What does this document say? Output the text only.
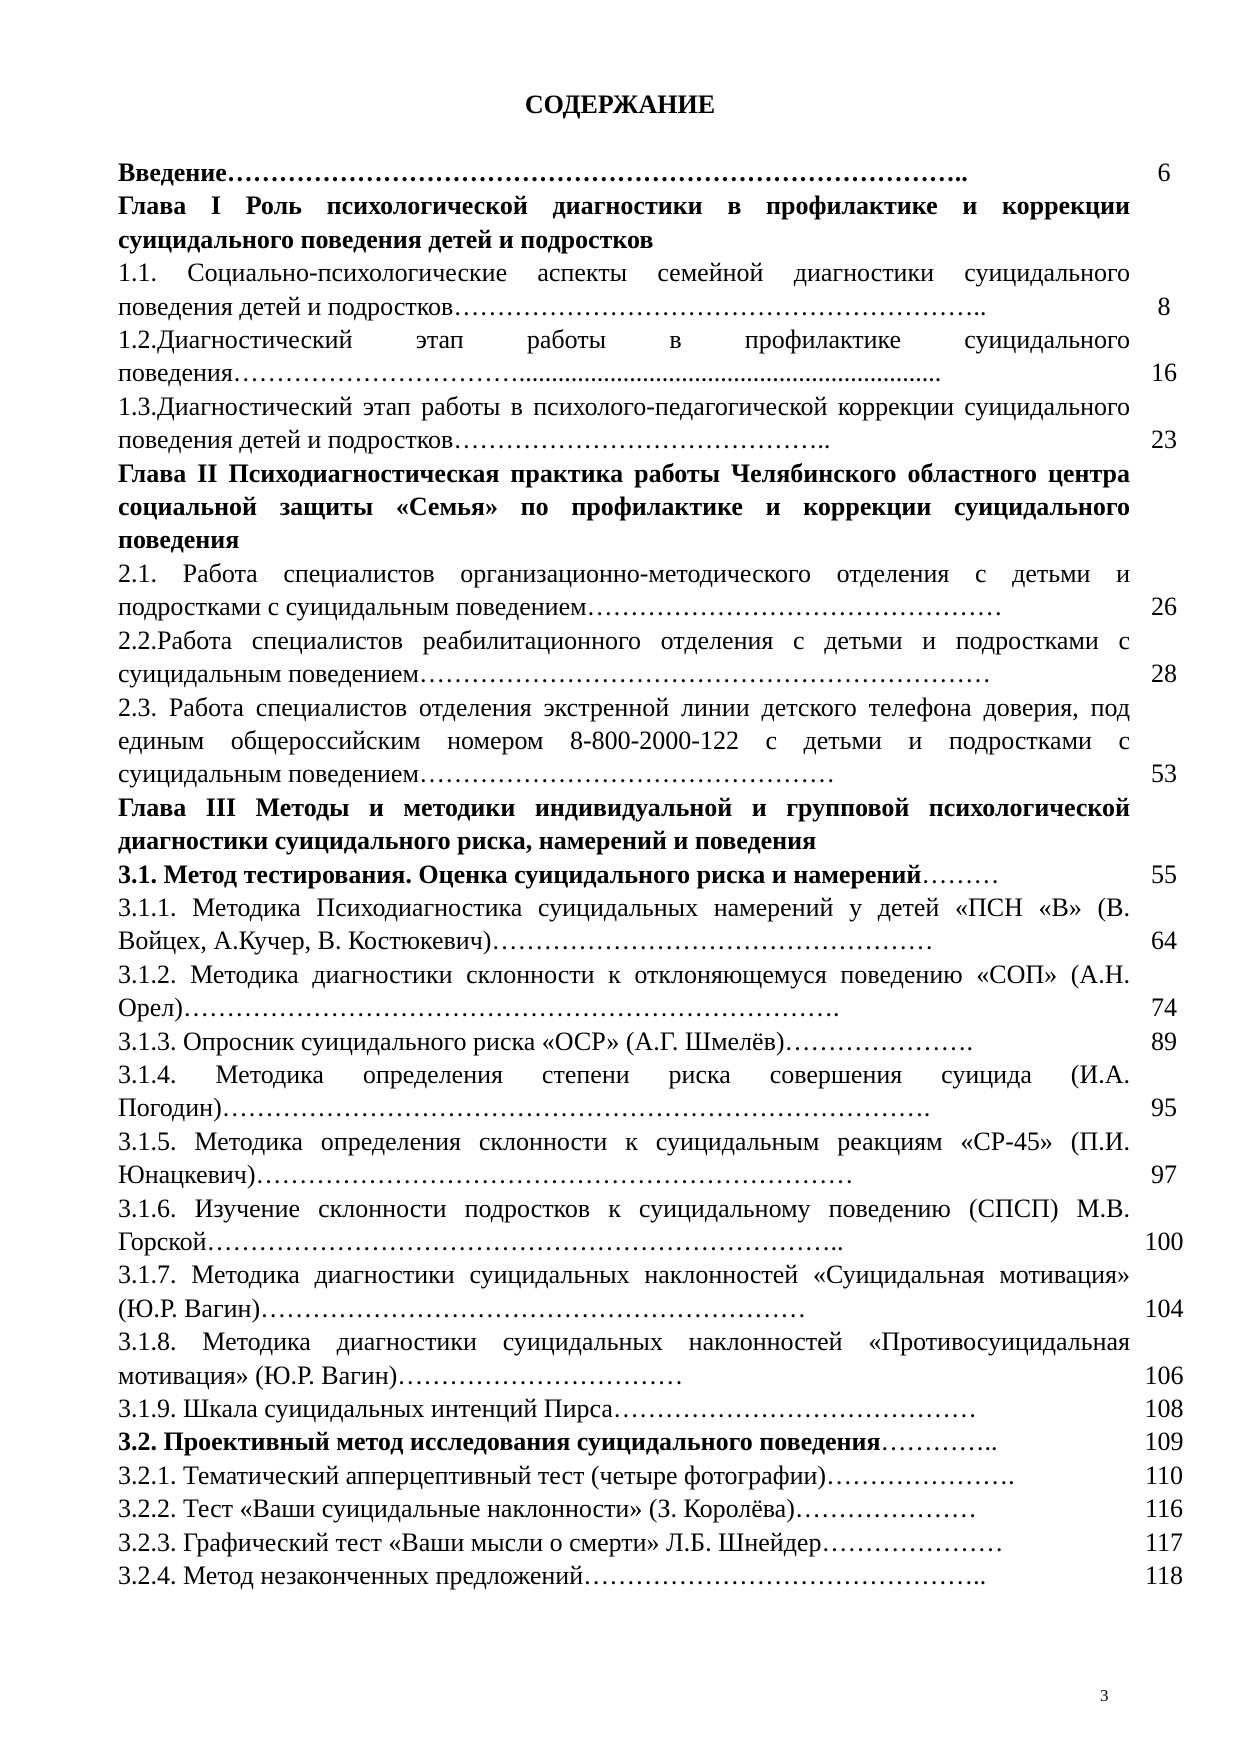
СОДЕРЖАНИЕ
Введение…………………………………………………………………………..	6
Глава I Роль психологической диагностики в профилактике и коррекции суицидального поведения детей и подростков
1.1. Социально-психологические аспекты семейной диагностики суицидального поведения детей и подростков……………………………………………………..	8
1.2.Диагностический этап работы в профилактике суицидального поведения…………………………….................................................................	16
1.3.Диагностический этап работы в психолого-педагогической коррекции суицидального поведения детей и подростков……………………………………..	23
Глава II Психодиагностическая практика работы Челябинского областного центра социальной защиты «Семья» по профилактике и коррекции суицидального поведения
2.1. Работа специалистов организационно-методического отделения с детьми и подростками с суицидальным поведением…………………………………………	26
2.2.Работа специалистов реабилитационного отделения с детьми и подростками с суицидальным поведением…………………………………………………………	28
2.3. Работа специалистов отделения экстренной линии детского телефона доверия, под единым общероссийским номером 8-800-2000-122 с детьми и подростками с суицидальным поведением…………………………………………	53
Глава III Методы и методики индивидуальной и групповой психологической диагностики суицидального риска, намерений и поведения
3.1. Метод тестирования. Оценка суицидального риска и намерений………	55
3.1.1. Методика Психодиагностика суицидальных намерений у детей «ПСН «В» (В. Войцех, А.Кучер, В. Костюкевич)……………………………………………	64
3.1.2. Методика диагностики склонности к отклоняющемуся поведению «СОП» (А.Н. Орел)………………………………………………………………….	74
3.1.3. Опросник суицидального риска «ОСР» (А.Г. Шмелёв)………………….	89
3.1.4. Методика определения степени риска совершения суицида (И.А. Погодин)……………………………………………………………………….	95
3.1.5. Методика определения склонности к суицидальным реакциям «СР-45» (П.И. Юнацкевич)……………………………………………………………	97
3.1.6. Изучение склонности подростков к суицидальному поведению (СПСП) М.В. Горской………………………………………………………………..	100
3.1.7. Методика диагностики суицидальных наклонностей «Суицидальная мотивация» (Ю.Р. Вагин)………………………………………………………	104
3.1.8. Методика диагностики суицидальных наклонностей «Противосуицидальная мотивация» (Ю.Р. Вагин)……………………………	106
3.1.9. Шкала суицидальных интенций Пирса……………………………………	108
3.2. Проективный метод исследования суицидального поведения…………..	109
3.2.1. Тематический апперцептивный тест (четыре фотографии)………………….	110
3.2.2. Тест «Ваши суицидальные наклонности» (З. Королёва)…………………	116
3.2.3. Графический тест «Ваши мысли о смерти» Л.Б. Шнейдер…………………	117
3.2.4. Метод незаконченных предложений………………………………………..	118
3
